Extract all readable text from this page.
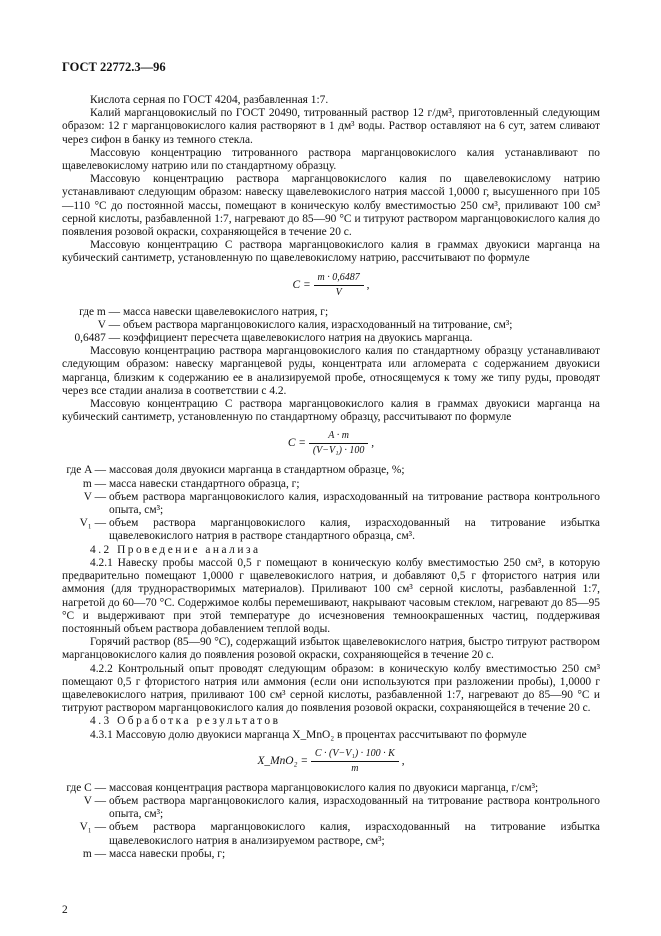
ГОСТ 22772.3—96

Кислота серная по ГОСТ 4204, разбавленная 1:7.

Калий марганцовокислый по ГОСТ 20490, титрованный раствор 12 г/дм³, приготовленный следующим образом: 12 г марганцовокислого калия растворяют в 1 дм³ воды. Раствор оставляют на 6 сут, затем сливают через сифон в банку из темного стекла.

Массовую концентрацию титрованного раствора марганцовокислого калия устанавливают по щавелевокислому натрию или по стандартному образцу.

Массовую концентрацию раствора марганцовокислого калия по щавелевокислому натрию устанавливают следующим образом: навеску щавелевокислого натрия массой 1,0000 г, высушенного при 105—110 °С до постоянной массы, помещают в коническую колбу вместимостью 250 см³, приливают 100 см³ серной кислоты, разбавленной 1:7, нагревают до 85—90 °С и титруют раствором марганцовокислого калия до появления розовой окраски, сохраняющейся в течение 20 с.

Массовую концентрацию C раствора марганцовокислого калия в граммах двуокиси марганца на кубический сантиметр, установленную по щавелевокислому натрию, рассчитывают по формуле

$C = \frac{m \cdot 0,6487}{V}$ ,
где m — масса навески щавелевокислого натрия, г;
V — объем раствора марганцовокислого калия, израсходованный на титрование, см³;
0,6487 — коэффициент пересчета щавелевокислого натрия на двуокись марганца.

Массовую концентрацию раствора марганцовокислого калия по стандартному образцу устанавливают следующим образом: навеску марганцевой руды, концентрата или агломерата с содержанием двуокиси марганца, близким к содержанию ее в анализируемой пробе, относящемуся к тому же типу руды, проводят через все стадии анализа в соответствии с 4.2.

Массовую концентрацию C раствора марганцовокислого калия в граммах двуокиси марганца на кубический сантиметр, установленную по стандартному образцу, рассчитывают по формуле

$C = \frac{A \cdot m}{\text{(V−V₁) · 100}}$ ,
где A — массовая доля двуокиси марганца в стандартном образце, %;
m — масса навески стандартного образца, г;
V — объем раствора марганцовокислого калия, израсходованный на титрование раствора контрольного опыта, см³;
V₁ — объем раствора марганцовокислого калия, израсходованный на титрование избытка щавелевокислого натрия в растворе стандартного образца, см³.

4.2 Проведение анализа

4.2.1 Навеску пробы массой 0,5 г помещают в коническую колбу вместимостью 250 см³, в которую предварительно помещают 1,0000 г щавелевокислого натрия, и добавляют 0,5 г фтористого натрия или аммония (для труднорастворимых материалов). Приливают 100 см³ серной кислоты, разбавленной 1:7, нагретой до 60—70 °С. Содержимое колбы перемешивают, накрывают часовым стеклом, нагревают до 85—95 °С и выдерживают при этой температуре до исчезновения темноокрашенных частиц, поддерживая постоянный объем раствора добавлением теплой воды.

Горячий раствор (85—90 °С), содержащий избыток щавелевокислого натрия, быстро титруют раствором марганцовокислого калия до появления розовой окраски, сохраняющейся в течение 20 с.

4.2.2 Контрольный опыт проводят следующим образом: в коническую колбу вместимостью 250 см³ помещают 0,5 г фтористого натрия или аммония (если они используются при разложении пробы), 1,0000 г щавелевокислого натрия, приливают 100 см³ серной кислоты, разбавленной 1:7, нагревают до 85—90 °С и титруют раствором марганцовокислого калия до появления розовой окраски, сохраняющейся в течение 20 с.

4.3 Обработка результатов

4.3.1 Массовую долю двуокиси марганца X_MnO₂ в процентах рассчитывают по формуле

X_MnO₂ = $\frac{\text{C · (V−V₁) · 100 · K}}{m}$ ,
где C — массовая концентрация раствора марганцовокислого калия по двуокиси марганца, г/см³;
V — объем раствора марганцовокислого калия, израсходованный на титрование раствора контрольного опыта, см³;
V₁ — объем раствора марганцовокислого калия, израсходованный на титрование избытка щавелевокислого натрия в анализируемом растворе, см³;
m — масса навески пробы, г;
2
